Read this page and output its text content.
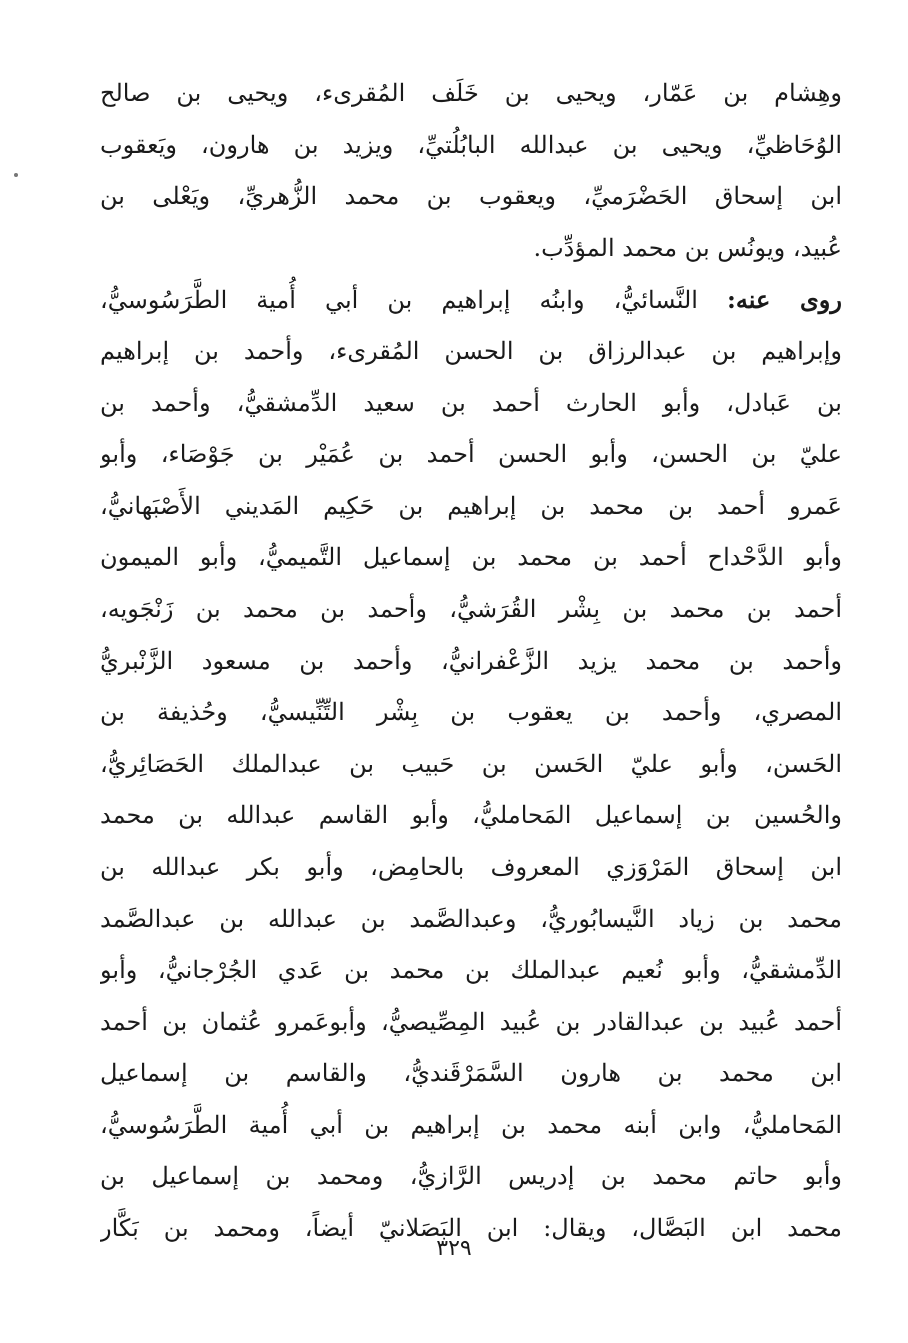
وهِشام بن عَمّار، ويحيى بن خَلَف المُقرىء، ويحيى بن صالح
الوُحَاظيِّ، ويحيى بن عبدالله البابُلُتيِّ، ويزيد بن هارون، ويَعقوب
ابن إسحاق الحَضْرَميِّ، ويعقوب بن محمد الزُّهريِّ، ويَعْلى بن
عُبيد، ويونُس بن محمد المؤدِّب.
روى عنه: النَّسائيُّ، وابنُه إبراهيم بن أبي أُمية الطَّرَسُوسيُّ،
وإبراهيم بن عبدالرزاق بن الحسن المُقرىء، وأحمد بن إبراهيم
بن عَبادل، وأبو الحارث أحمد بن سعيد الدِّمشقيُّ، وأحمد بن
عليّ بن الحسن، وأبو الحسن أحمد بن عُمَيْر بن جَوْصَاء، وأبو
عَمرو أحمد بن محمد بن إبراهيم بن حَكِيم المَديني الأَصْبَهانيُّ،
وأبو الدَّحْداح أحمد بن محمد بن إسماعيل التَّميميُّ، وأبو الميمون
أحمد بن محمد بن بِشْر القُرَشيُّ، وأحمد بن محمد بن زَنْجَويه،
وأحمد بن محمد يزيد الزَّعْفرانيُّ، وأحمد بن مسعود الزَّنْبريُّ
المصري، وأحمد بن يعقوب بن بِشْر التِّنِّيسيُّ، وحُذيفة بن
الحَسن، وأبو عليّ الحَسن بن حَبيب بن عبدالملك الحَصَائِريُّ،
والحُسين بن إسماعيل المَحامليُّ، وأبو القاسم عبدالله بن محمد
ابن إسحاق المَرْوَزي المعروف بالحامِض، وأبو بكر عبدالله بن
محمد بن زياد النَّيسابُوريُّ، وعبدالصَّمد بن عبدالله بن عبدالصَّمد
الدِّمشقيُّ، وأبو نُعيم عبدالملك بن محمد بن عَدي الجُرْجانيُّ، وأبو
أحمد عُبيد بن عبدالقادر بن عُبيد المِصِّيصيُّ، وأبوعَمرو عُثمان بن أحمد
ابن محمد بن هارون السَّمَرْقَنديُّ، والقاسم بن إسماعيل
المَحامليُّ، وابن أبنه محمد بن إبراهيم بن أبي أُمية الطَّرَسُوسيُّ،
وأبو حاتم محمد بن إدريس الرَّازيُّ، ومحمد بن إسماعيل بن
محمد ابن البَصَّال، ويقال: ابن البَصَلانيّ أيضاً، ومحمد بن بَكَّار
٣٢٩
